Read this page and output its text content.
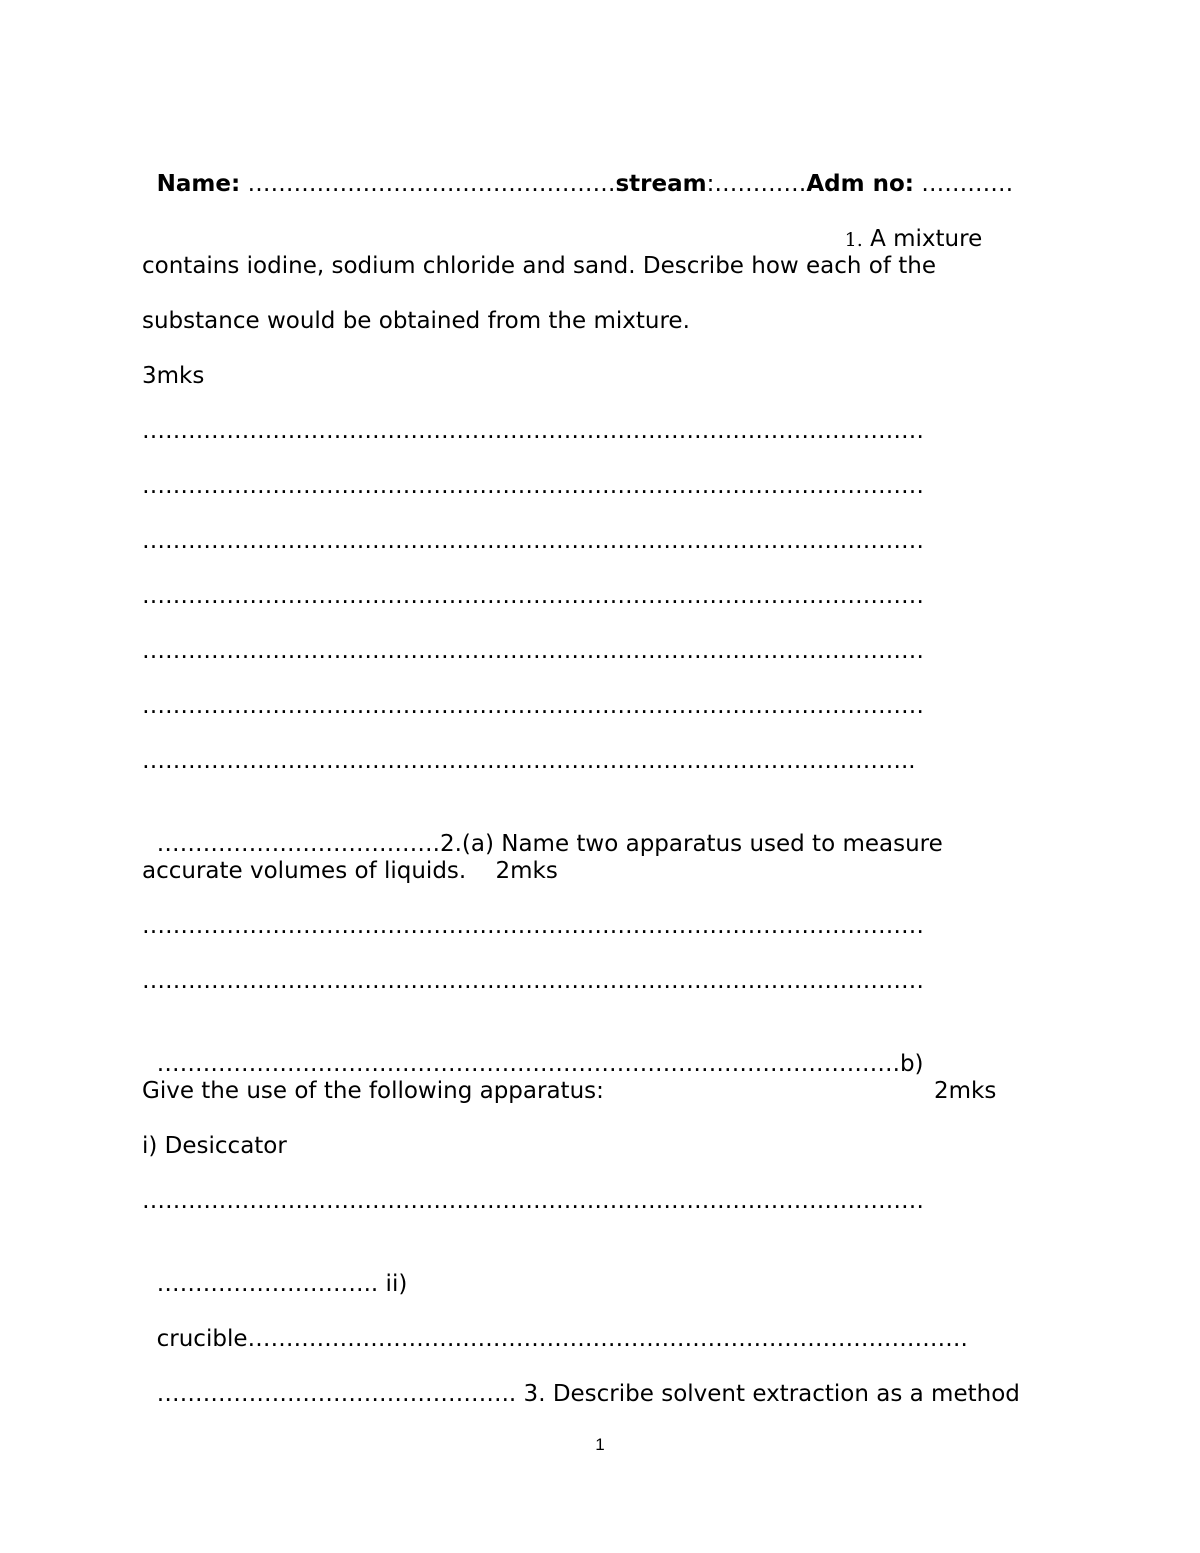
Name: …………………………………………stream:…………Adm no: …………

1. A mixture

contains iodine, sodium chloride and sand. Describe how each of the
substance would be obtained from the mixture.
3mks
…………………………………………………………………………………………
…………………………………………………………………………………………
…………………………………………………………………………………………
…………………………………………………………………………………………
…………………………………………………………………………………………
…………………………………………………………………………………………
………………………………………………………………………………………..

……………………………….2.(a) Name two apparatus used to measure

accurate volumes of liquids.    2mks
…………………………………………………………………………………………
…………………………………………………………………………………………

…………………………………………………………………………………….b)

Give the use of the following apparatus:	2mks
i) Desiccator
…………………………………………………………………………………………

……………………….. ii)

crucible………………………………………………………………………………….

……………………………………….. 3. Describe solvent extraction as a method

1
